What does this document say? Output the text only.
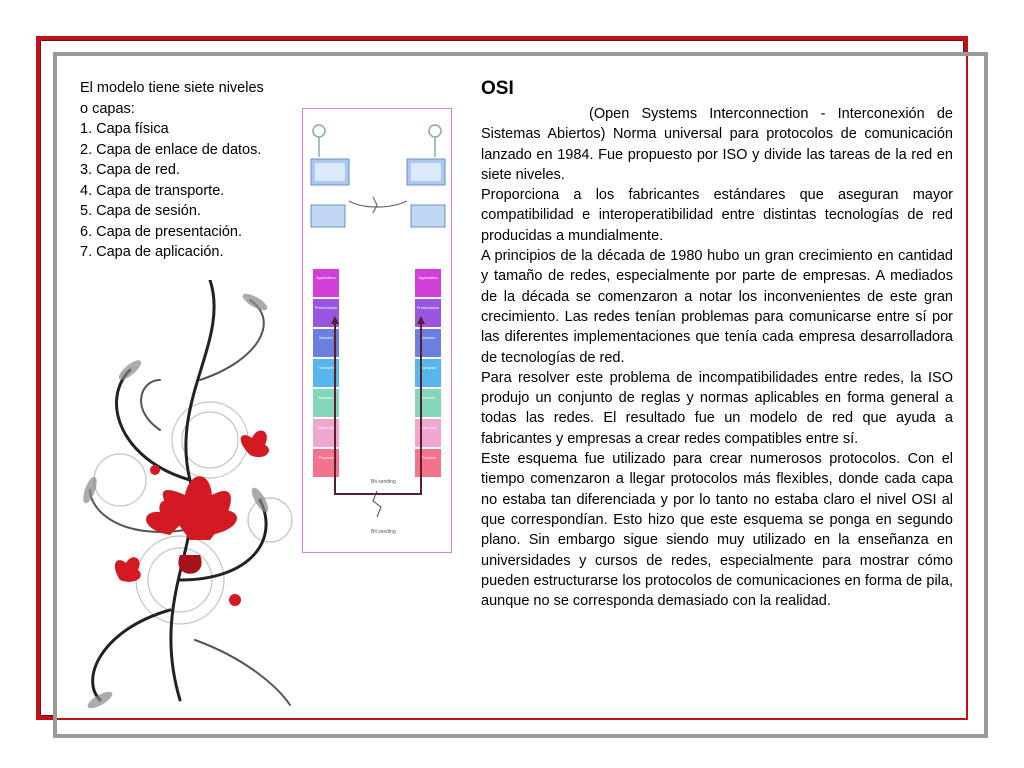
El modelo tiene siete niveles o capas:
1. Capa física
2. Capa de enlace de datos.
3. Capa de red.
4. Capa de transporte.
5. Capa de sesión.
6. Capa de presentación.
7. Capa de aplicación.
Application
Presentation
Session
Transport
Network
Data Link
Physical
Application
Presentation
Session
Transport
Network
Data Link
Physical
Bit sending
Bit sending
OSI

(Open Systems Interconnection - Interconexión de Sistemas Abiertos) Norma universal para protocolos de comunicación lanzado en 1984. Fue propuesto por ISO y divide las tareas de la red en siete niveles.

Proporciona a los fabricantes estándares que aseguran mayor compatibilidad e interoperatibilidad entre distintas tecnologías de red producidas a mundialmente.

A principios de la década de 1980 hubo un gran crecimiento en cantidad y tamaño de redes, especialmente por parte de empresas. A mediados de la década se comenzaron a notar los inconvenientes de este gran crecimiento. Las redes tenían problemas para comunicarse entre sí por las diferentes implementaciones que tenía cada empresa desarrolladora de tecnologías de red.

Para resolver este problema de incompatibilidades entre redes, la ISO produjo un conjunto de reglas y normas aplicables en forma general a todas las redes. El resultado fue un modelo de red que ayuda a fabricantes y empresas a crear redes compatibles entre sí.

Este esquema fue utilizado para crear numerosos protocolos. Con el tiempo comenzaron a llegar protocolos más flexibles, donde cada capa no estaba tan diferenciada y por lo tanto no estaba claro el nivel OSI al que correspondían. Esto hizo que este esquema se ponga en segundo plano. Sin embargo sigue siendo muy utilizado en la enseñanza en universidades y cursos de redes, especialmente para mostrar cómo pueden estructurarse los protocolos de comunicaciones en forma de pila, aunque no se corresponda demasiado con la realidad.
